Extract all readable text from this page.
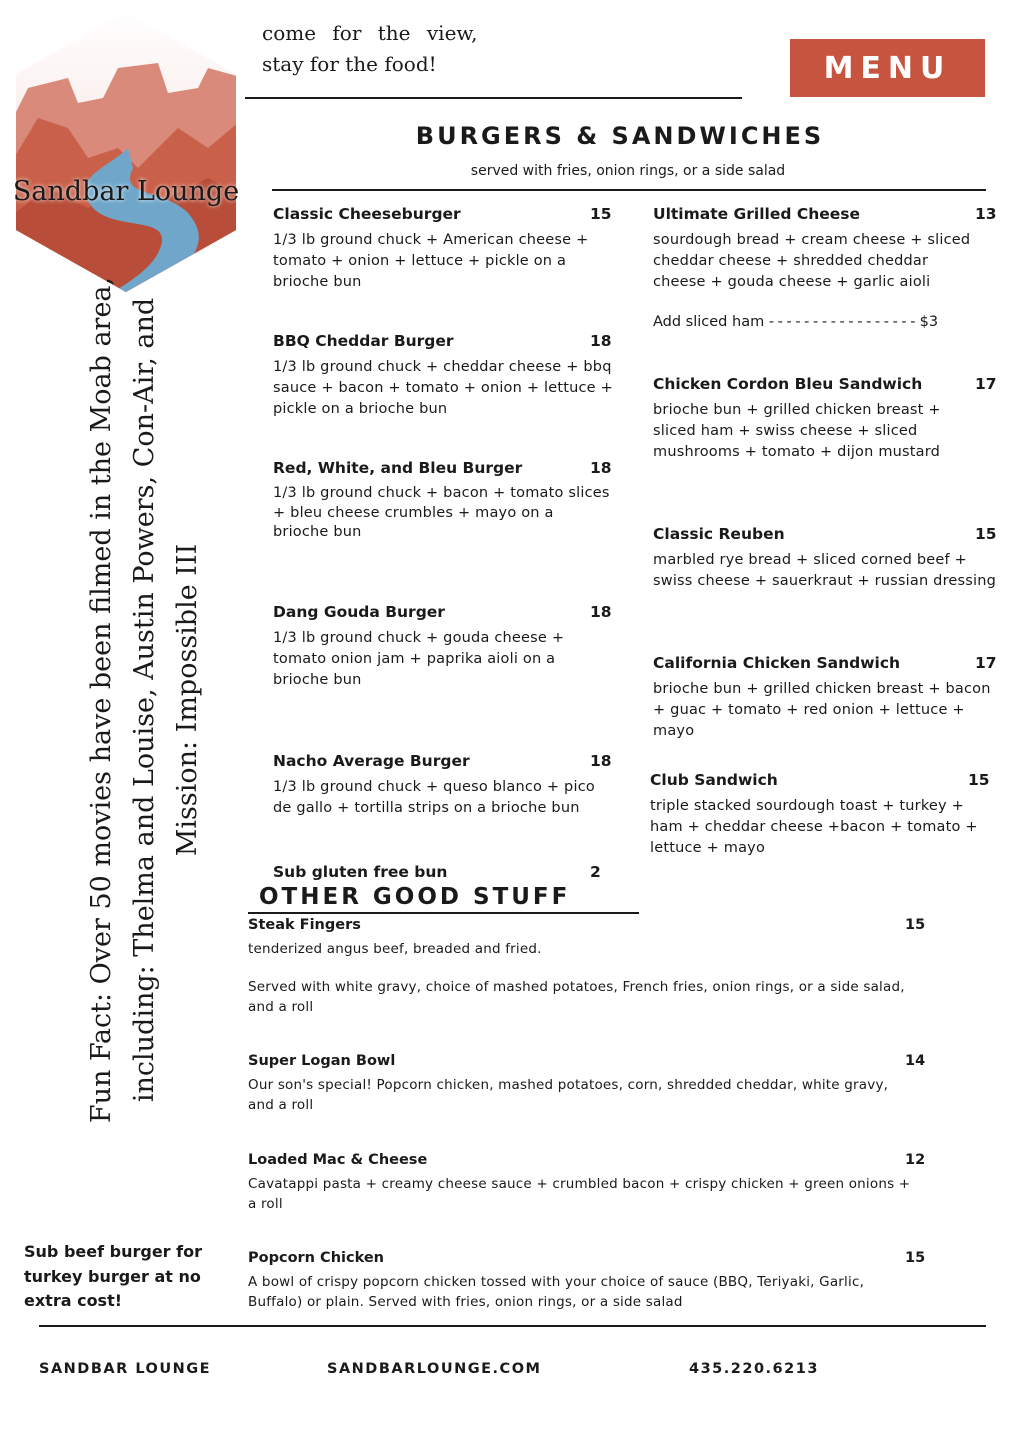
Sandbar Lounge
come for the view,
stay for the food!	MENU
BURGERS & SANDWICHES
served with fries, onion rings, or a side salad
Classic Cheeseburger	15
1/3 lb ground chuck + American cheese + tomato + onion + lettuce + pickle on a brioche bun
BBQ Cheddar Burger	18
1/3 lb ground chuck + cheddar cheese + bbq sauce + bacon + tomato + onion + lettuce + pickle on a brioche bun
Red, White, and Bleu Burger	18
1/3 lb ground chuck + bacon + tomato slices + bleu cheese crumbles + mayo on a brioche bun
Dang Gouda Burger	18
1/3 lb ground chuck + gouda cheese + tomato onion jam + paprika aioli on a brioche bun
Nacho Average Burger	18
1/3 lb ground chuck + queso blanco + pico de gallo + tortilla strips on a brioche bun
Sub gluten free bun	2
Ultimate Grilled Cheese	13
sourdough bread + cream cheese + sliced cheddar cheese + shredded cheddar cheese + gouda cheese + garlic aioli
Add sliced ham - - - - - - - - - - - - - - - - - $3
Chicken Cordon Bleu Sandwich	17
brioche bun + grilled chicken breast + sliced ham + swiss cheese + sliced mushrooms + tomato + dijon mustard
Classic Reuben	15
marbled rye bread + sliced corned beef + swiss cheese + sauerkraut + russian dressing
California Chicken Sandwich	17
brioche bun + grilled chicken breast + bacon + guac + tomato + red onion + lettuce + mayo
Club Sandwich	15
triple stacked sourdough toast + turkey + ham + cheddar cheese +bacon + tomato + lettuce + mayo
OTHER GOOD STUFF
Steak Fingers	15
tenderized angus beef, breaded and fried.
Served with white gravy, choice of mashed potatoes, French fries, onion rings, or a side salad, and a roll
Super Logan Bowl	14
Our son's special! Popcorn chicken, mashed potatoes, corn, shredded cheddar, white gravy, and a roll
Loaded Mac & Cheese	12
Cavatappi pasta + creamy cheese sauce + crumbled bacon + crispy chicken + green onions + a roll
Popcorn Chicken	15
A bowl of crispy popcorn chicken tossed with your choice of sauce (BBQ, Teriyaki, Garlic, Buffalo) or plain. Served with fries, onion rings, or a side salad
Fun Fact: Over 50 movies have been filmed in the Moab area, including: Thelma and Louise, Austin Powers, Con-Air, and Mission: Impossible III
Sub beef burger for turkey burger at no extra cost!
SANDBAR LOUNGE	SANDBARLOUNGE.COM	435.220.6213
